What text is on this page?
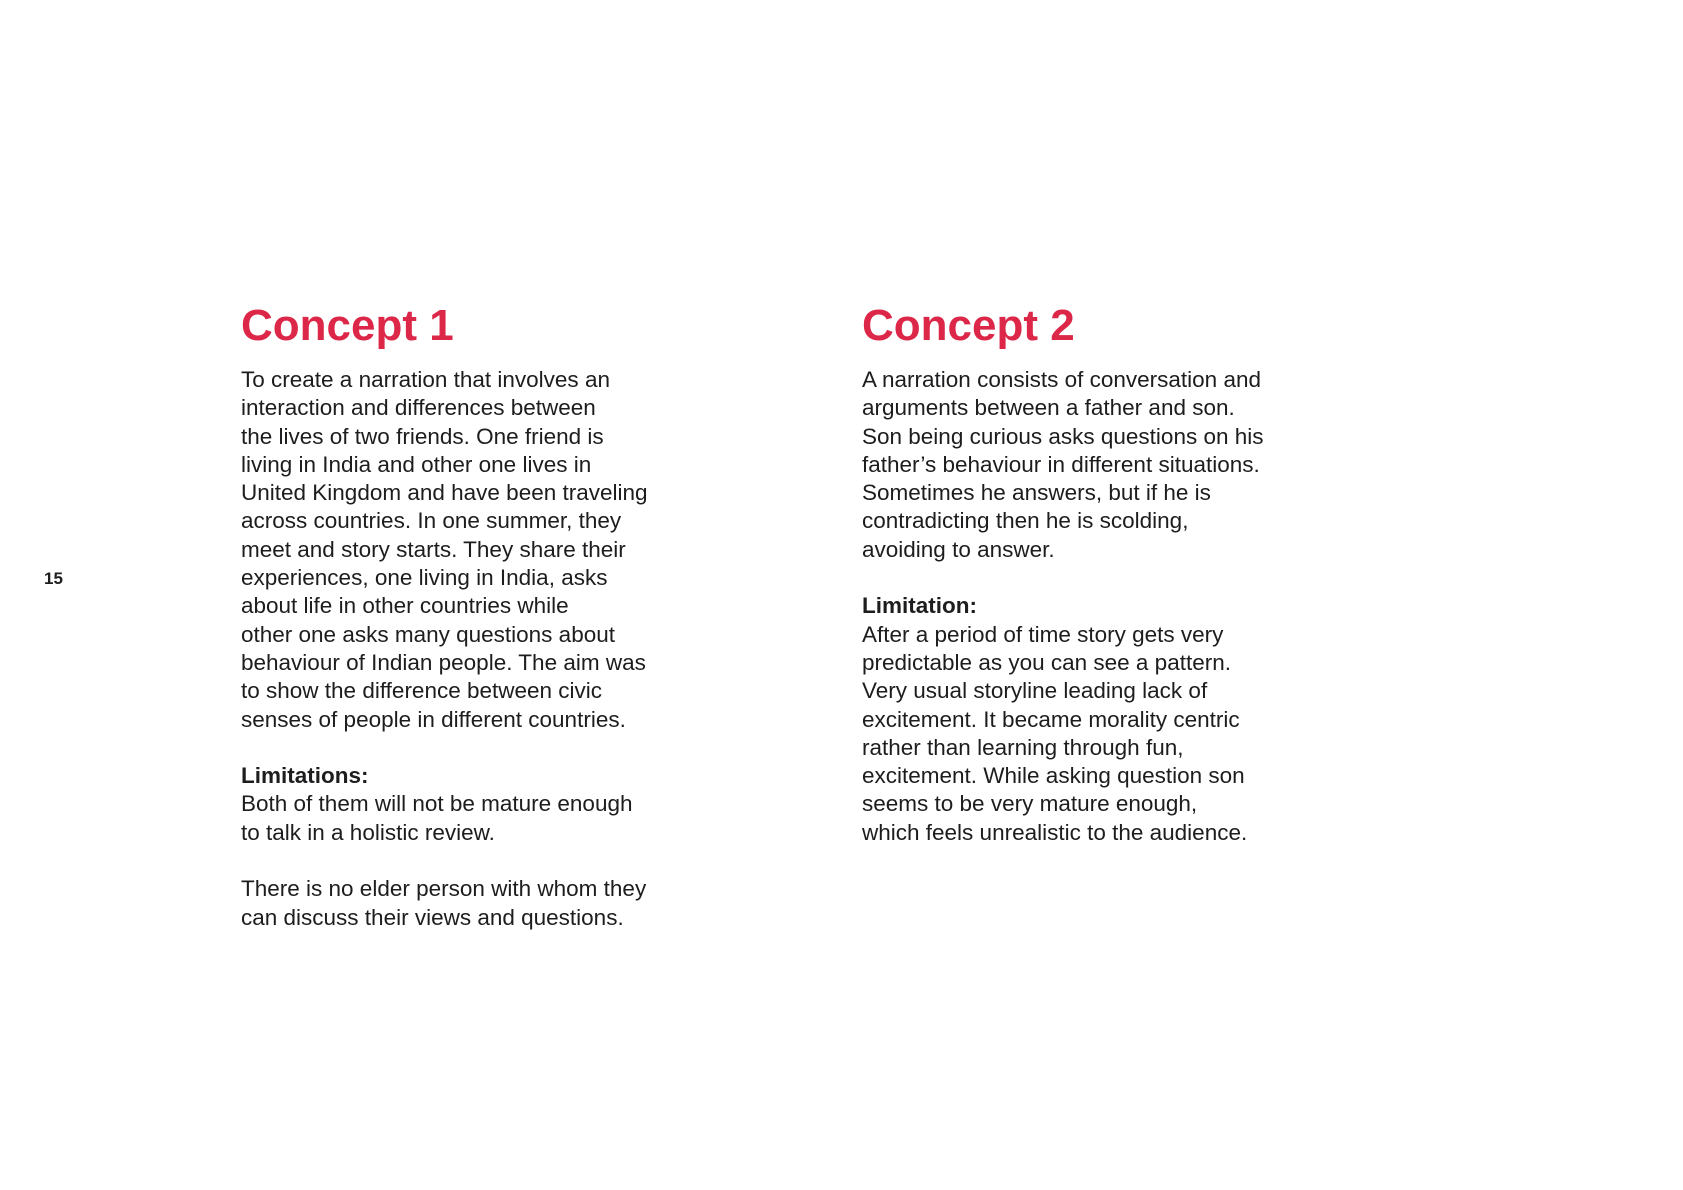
15
Concept 1

To create a narration that involves an
interaction and differences between
the lives of two friends. One friend is
living in India and other one lives in
United Kingdom and have been traveling
across countries. In one summer, they
meet and story starts. They share their
experiences, one living in India, asks
about life in other countries while
other one asks many questions about
behaviour of Indian people. The aim was
to show the difference between civic
senses of people in different countries.

Limitations:

Both of them will not be mature enough
to talk in a holistic review.

There is no elder person with whom they
can discuss their views and questions.

Concept 2

A narration consists of conversation and
arguments between a father and son.
Son being curious asks questions on his
father’s behaviour in different situations.
Sometimes he answers, but if he is
contradicting then he is scolding,
avoiding to answer.

Limitation:

After a period of time story gets very
predictable as you can see a pattern.
Very usual storyline leading lack of
excitement. It became morality centric
rather than learning through fun,
excitement. While asking question son
seems to be very mature enough,
which feels unrealistic to the audience.
